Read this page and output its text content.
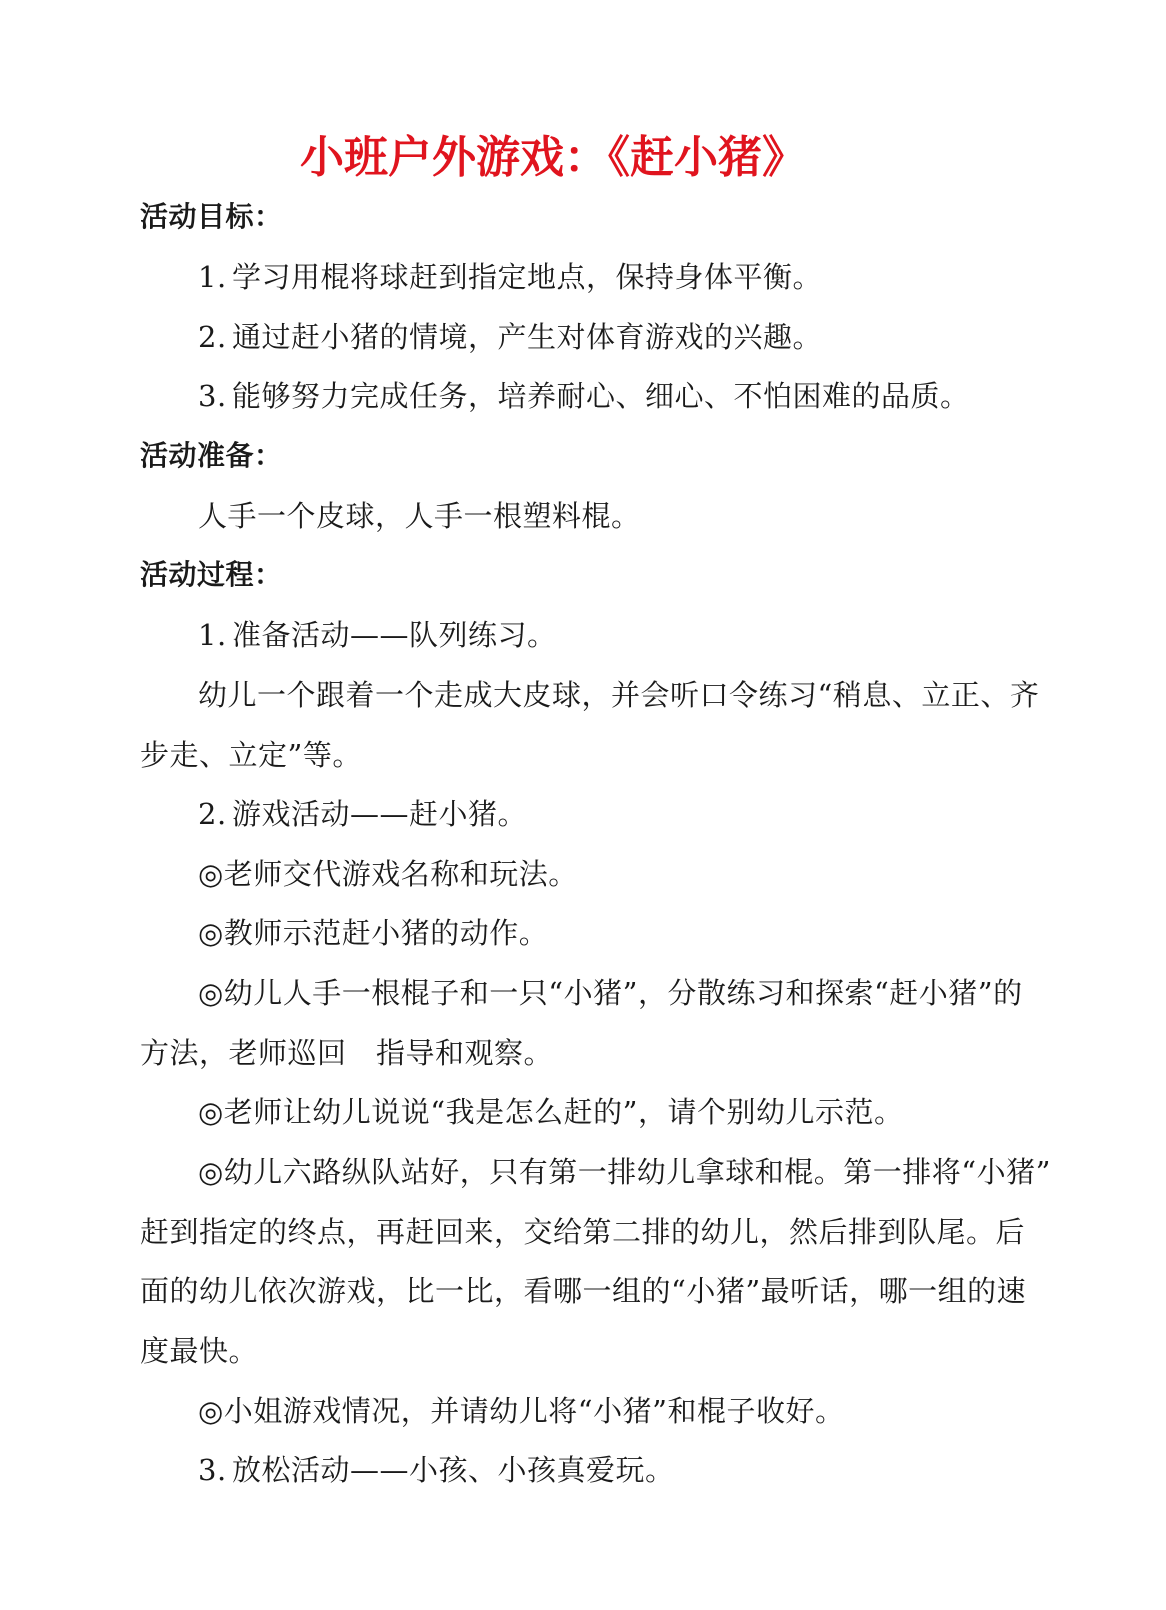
小班户外游戏：《赶小猪》
活动目标：
1. 学习用棍将球赶到指定地点，保持身体平衡。
2. 通过赶小猪的情境，产生对体育游戏的兴趣。
3. 能够努力完成任务，培养耐心、细心、不怕困难的品质。
活动准备：
人手一个皮球，人手一根塑料棍。
活动过程：
1. 准备活动——队列练习。
幼儿一个跟着一个走成大皮球，并会听口令练习“稍息、立正、齐
步走、立定”等。
2. 游戏活动——赶小猪。
◎老师交代游戏名称和玩法。
◎教师示范赶小猪的动作。
◎幼儿人手一根棍子和一只“小猪”，分散练习和探索“赶小猪”的
方法，老师巡回　指导和观察。
◎老师让幼儿说说“我是怎么赶的”，请个别幼儿示范。
◎幼儿六路纵队站好，只有第一排幼儿拿球和棍。第一排将“小猪”
赶到指定的终点，再赶回来，交给第二排的幼儿，然后排到队尾。后
面的幼儿依次游戏，比一比，看哪一组的“小猪”最听话，哪一组的速
度最快。
◎小姐游戏情况，并请幼儿将“小猪”和棍子收好。
3. 放松活动——小孩、小孩真爱玩。
